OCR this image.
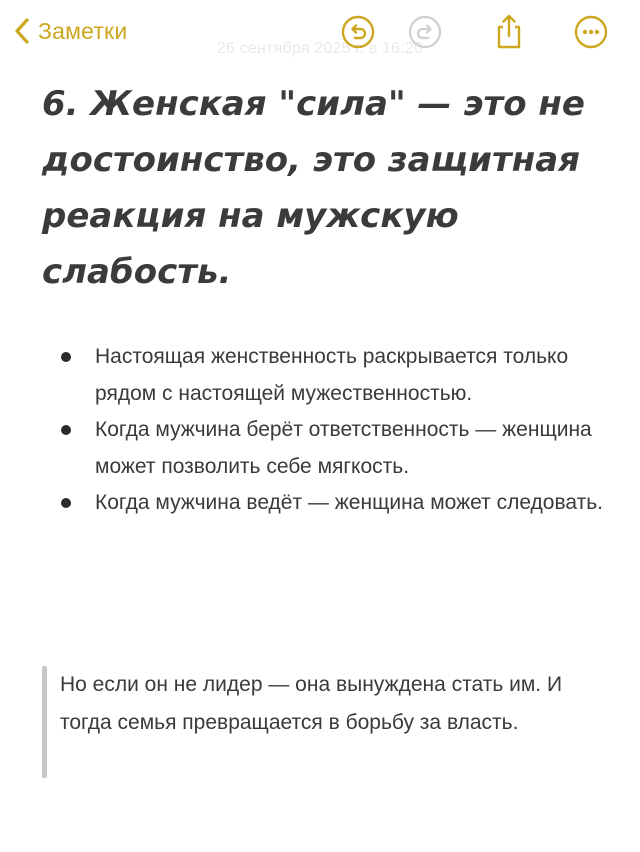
26 сентября 2025 г. в 16:20
Заметки
6. Женская "сила" — это не достоинство, это защитная реакция на мужскую слабость.
Настоящая женственность раскрывается только рядом с настоящей мужественностью.
Когда мужчина берёт ответственность — женщина может позволить себе мягкость.
Когда мужчина ведёт — женщина может следовать.

Но если он не лидер — она вынуждена стать им. И тогда семья превращается в борьбу за власть.
